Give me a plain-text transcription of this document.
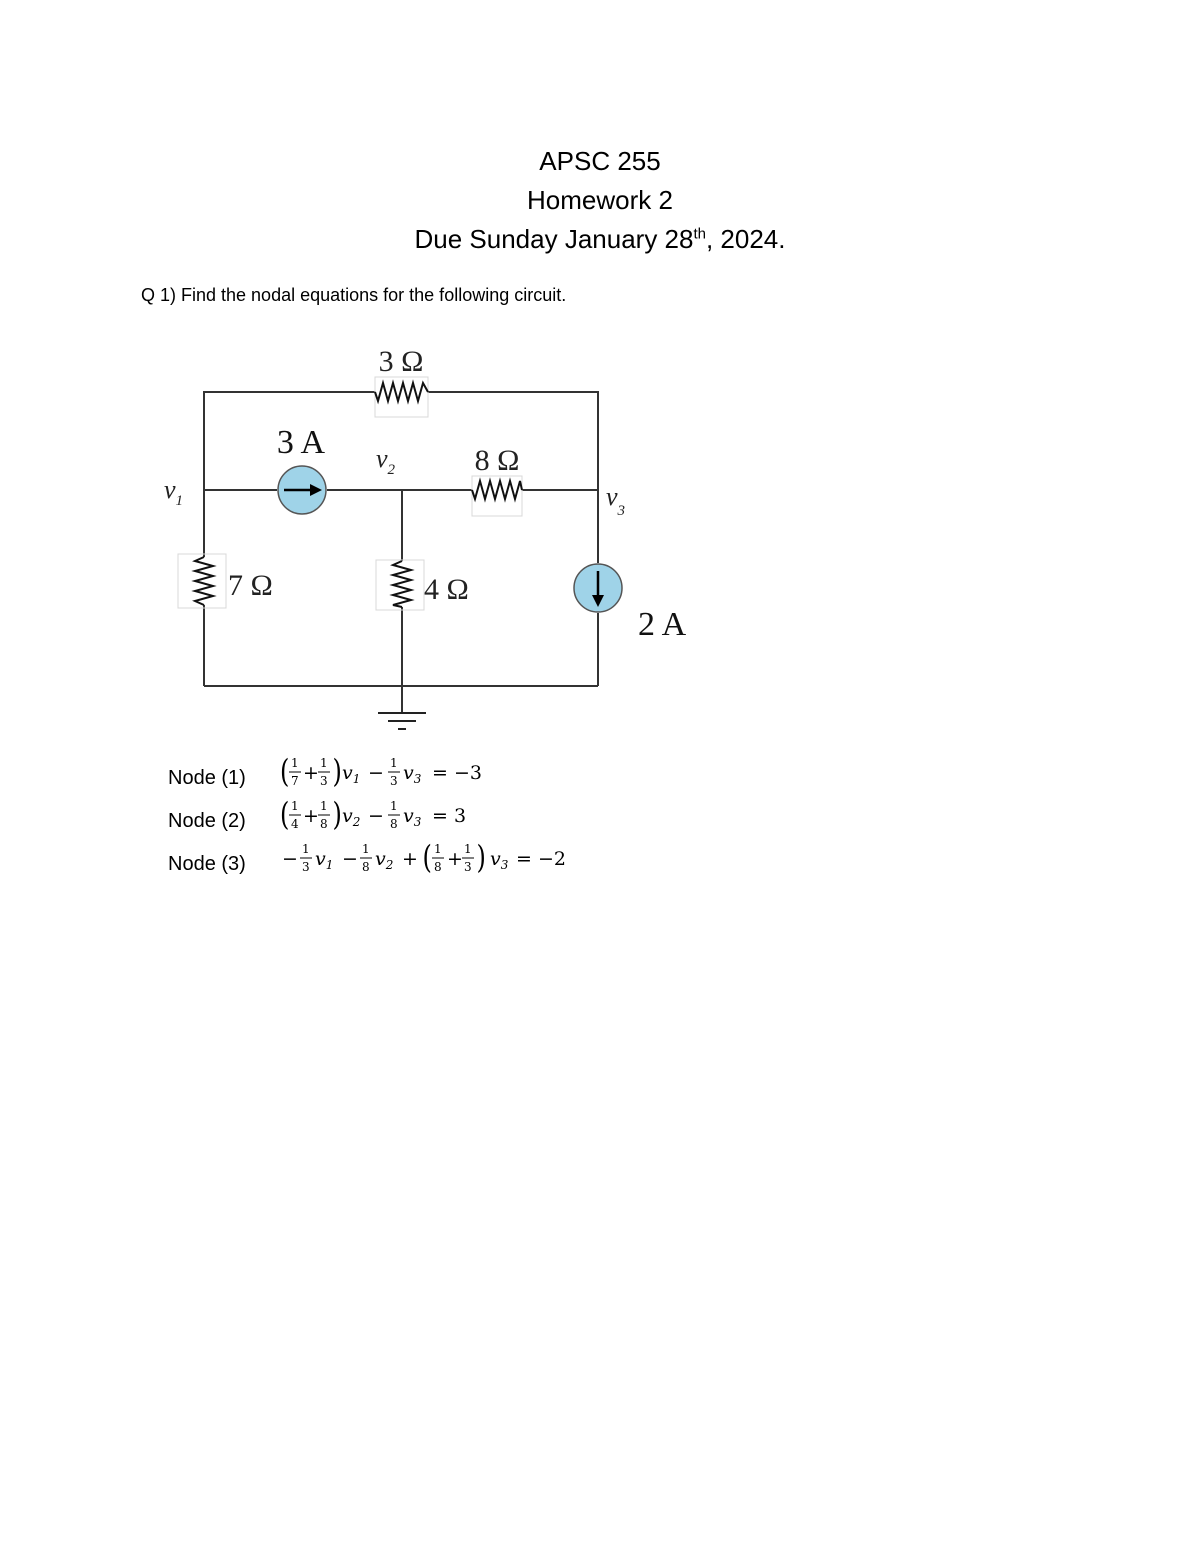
APSC 255
Homework 2
Due Sunday January 28th, 2024.
Q 1) Find the nodal equations for the following circuit.
3 Ω
8 Ω
7 Ω	4 Ω
3 A
2 A
$v_1$
$v_2$
$v_3$
Node (1) ( 1
7 + 1
3 ) $v_1 - 1$
3 $v_3 = -3$
Node (2) ( 1
4 + 1
8 ) $v_2 - 1$
8 $v_3 = 3$
Node (3) − 1
3 $v_1 - 1$
8 $v_2$ + ( 1
8 + 1
3 ) $v_3 = -2$
